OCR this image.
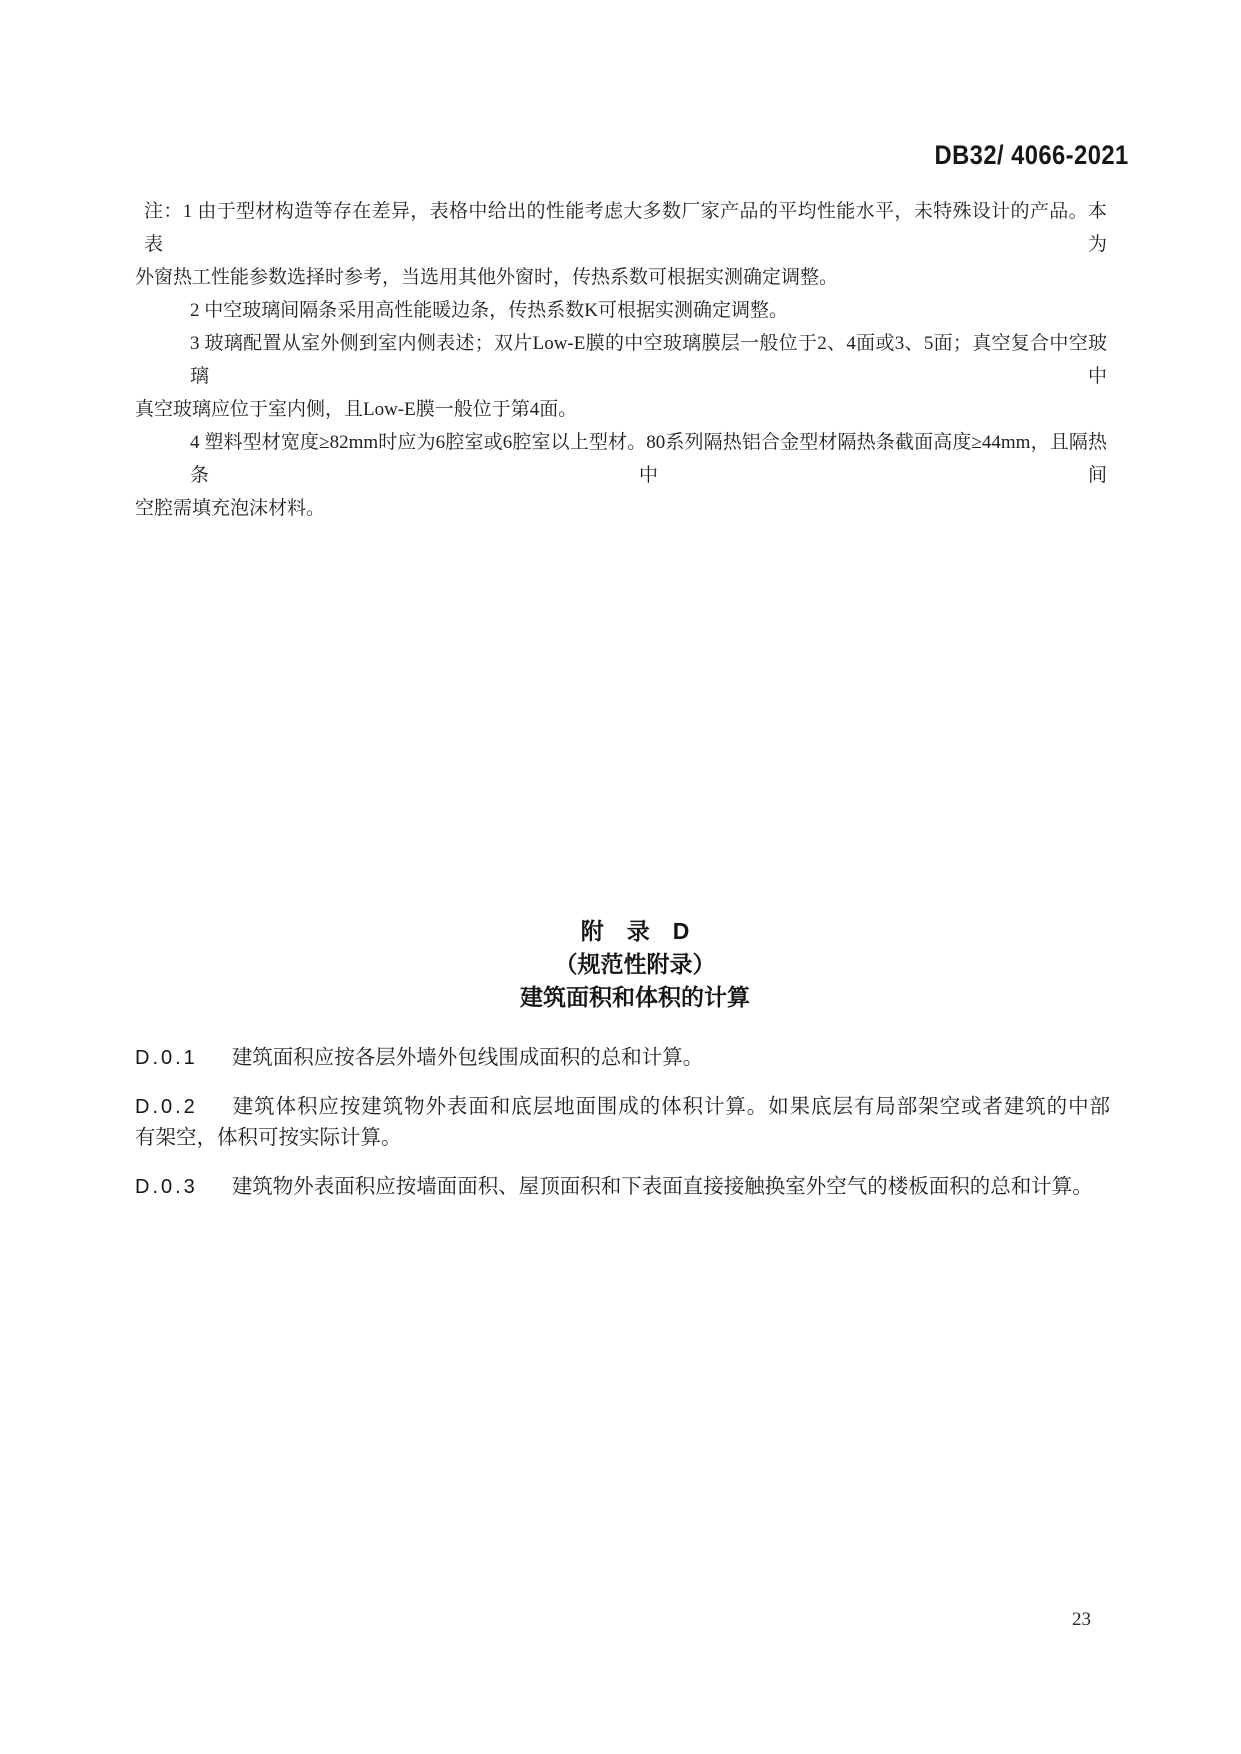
DB32/ 4066-2021
注：1 由于型材构造等存在差异，表格中给出的性能考虑大多数厂家产品的平均性能水平，未特殊设计的产品。本表为
外窗热工性能参数选择时参考，当选用其他外窗时，传热系数可根据实测确定调整。
2 中空玻璃间隔条采用高性能暖边条，传热系数K可根据实测确定调整。
3 玻璃配置从室外侧到室内侧表述；双片Low-E膜的中空玻璃膜层一般位于2、4面或3、5面；真空复合中空玻璃中
真空玻璃应位于室内侧，且Low-E膜一般位于第4面。
4 塑料型材宽度≥82mm时应为6腔室或6腔室以上型材。80系列隔热铝合金型材隔热条截面高度≥44mm，且隔热条中间
空腔需填充泡沫材料。
附　录　D
（规范性附录）
建筑面积和体积的计算
D.0.1 建筑面积应按各层外墙外包线围成面积的总和计算。
D.0.2 建筑体积应按建筑物外表面和底层地面围成的体积计算。如果底层有局部架空或者建筑的中部
有架空，体积可按实际计算。
D.0.3 建筑物外表面积应按墙面面积、屋顶面积和下表面直接接触换室外空气的楼板面积的总和计算。
23
